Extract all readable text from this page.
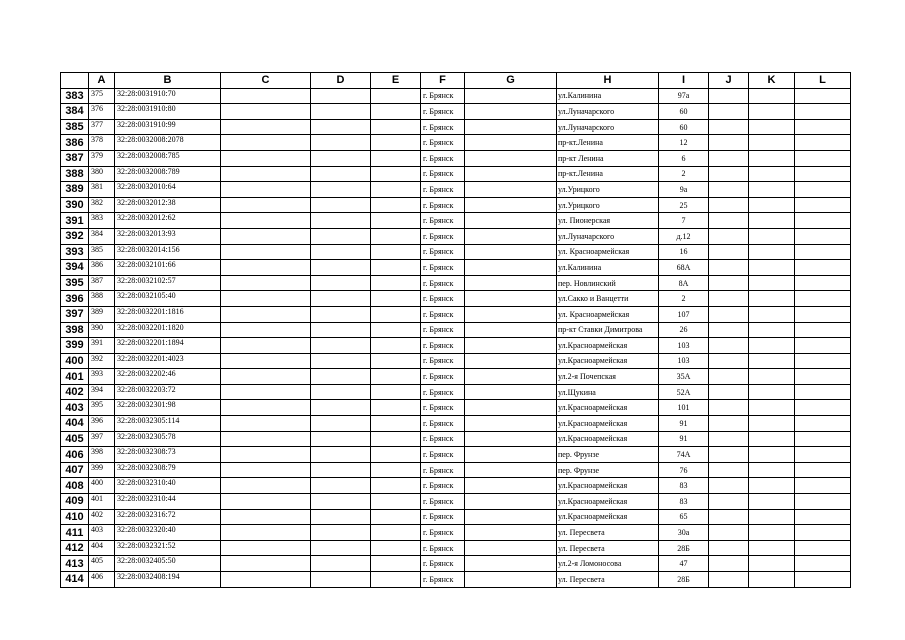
	A	B	C	D	E	F	G	H	I	J	K	L
383	375	32:28:0031910:70				г. Брянск		ул.Калинина	97а			
384	376	32:28:0031910:80				г. Брянск		ул.Луначарского	60			
385	377	32:28:0031910:99				г. Брянск		ул.Луначарского	60			
386	378	32:28:0032008:2078				г. Брянск		пр-кт.Ленина	12			
387	379	32:28:0032008:785				г. Брянск		пр-кт Ленина	6			
388	380	32:28:0032008:789				г. Брянск		пр-кт.Ленина	2			
389	381	32:28:0032010:64				г. Брянск		ул.Урицкого	9а			
390	382	32:28:0032012:38				г. Брянск		ул.Урицкого	25			
391	383	32:28:0032012:62				г. Брянск		ул. Пионерская	7			
392	384	32:28:0032013:93				г. Брянск		ул.Луначарского	д.12			
393	385	32:28:0032014:156				г. Брянск		ул. Красноармейская	16			
394	386	32:28:0032101:66				г. Брянск		ул.Калинина	68А			
395	387	32:28:0032102:57				г. Брянск		пер. Новлинский	8А			
396	388	32:28:0032105:40				г. Брянск		ул.Сакко и Ванцетти	2			
397	389	32:28:0032201:1816				г. Брянск		ул. Красноармейская	107			
398	390	32:28:0032201:1820				г. Брянск		пр-кт Ставки Димитрова	26			
399	391	32:28:0032201:1894				г. Брянск		ул.Красноармейская	103			
400	392	32:28:0032201:4023				г. Брянск		ул.Красноармейская	103			
401	393	32:28:0032202:46				г. Брянск		ул.2-я Почепская	35А			
402	394	32:28:0032203:72				г. Брянск		ул.Щукина	52А			
403	395	32:28:0032301:98				г. Брянск		ул.Красноармейская	101			
404	396	32:28:0032305:114				г. Брянск		ул.Красноармейская	91			
405	397	32:28:0032305:78				г. Брянск		ул.Красноармейская	91			
406	398	32:28:0032308:73				г. Брянск		пер. Фрунзе	74А			
407	399	32:28:0032308:79				г. Брянск		пер. Фрунзе	76			
408	400	32:28:0032310:40				г. Брянск		ул.Красноармейская	83			
409	401	32:28:0032310:44				г. Брянск		ул.Красноармейская	83			
410	402	32:28:0032316:72				г. Брянск		ул.Красноармейская	65			
411	403	32:28:0032320:40				г. Брянск		ул. Пересвета	30а			
412	404	32:28:0032321:52				г. Брянск		ул. Пересвета	28Б			
413	405	32:28:0032405:50				г. Брянск		ул.2-я Ломоносова	47			
414	406	32:28:0032408:194				г. Брянск		ул. Пересвета	28Б			
